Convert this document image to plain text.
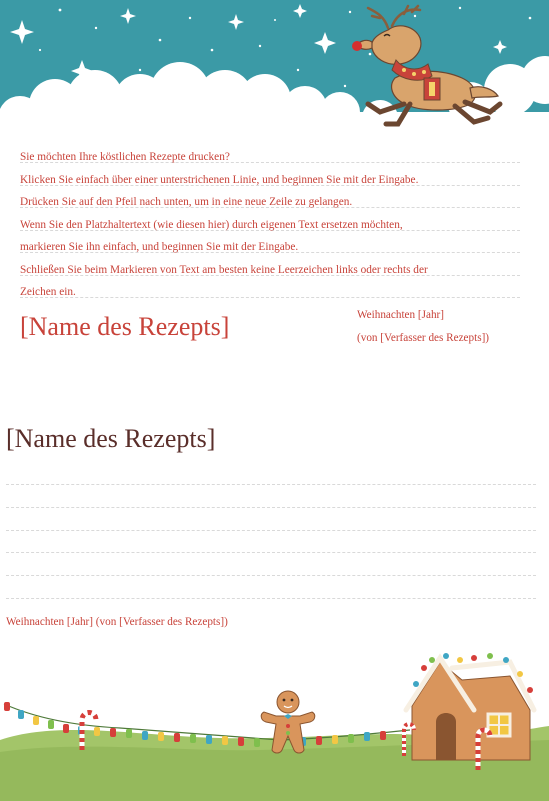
Sie möchten Ihre köstlichen Rezepte drucken?
Klicken Sie einfach über einer unterstrichenen Linie, und beginnen Sie mit der Eingabe.
Drücken Sie auf den Pfeil nach unten, um in eine neue Zeile zu gelangen.
Wenn Sie den Platzhaltertext (wie diesen hier) durch eigenen Text ersetzen möchten,
markieren Sie ihn einfach, und beginnen Sie mit der Eingabe.
Schließen Sie beim Markieren von Text am besten keine Leerzeichen links oder rechts der
Zeichen ein.
[Name des Rezepts]	Weihnachten [Jahr]
(von [Verfasser des Rezepts])
[Name des Rezepts]
Weihnachten [Jahr] (von [Verfasser des Rezepts])
